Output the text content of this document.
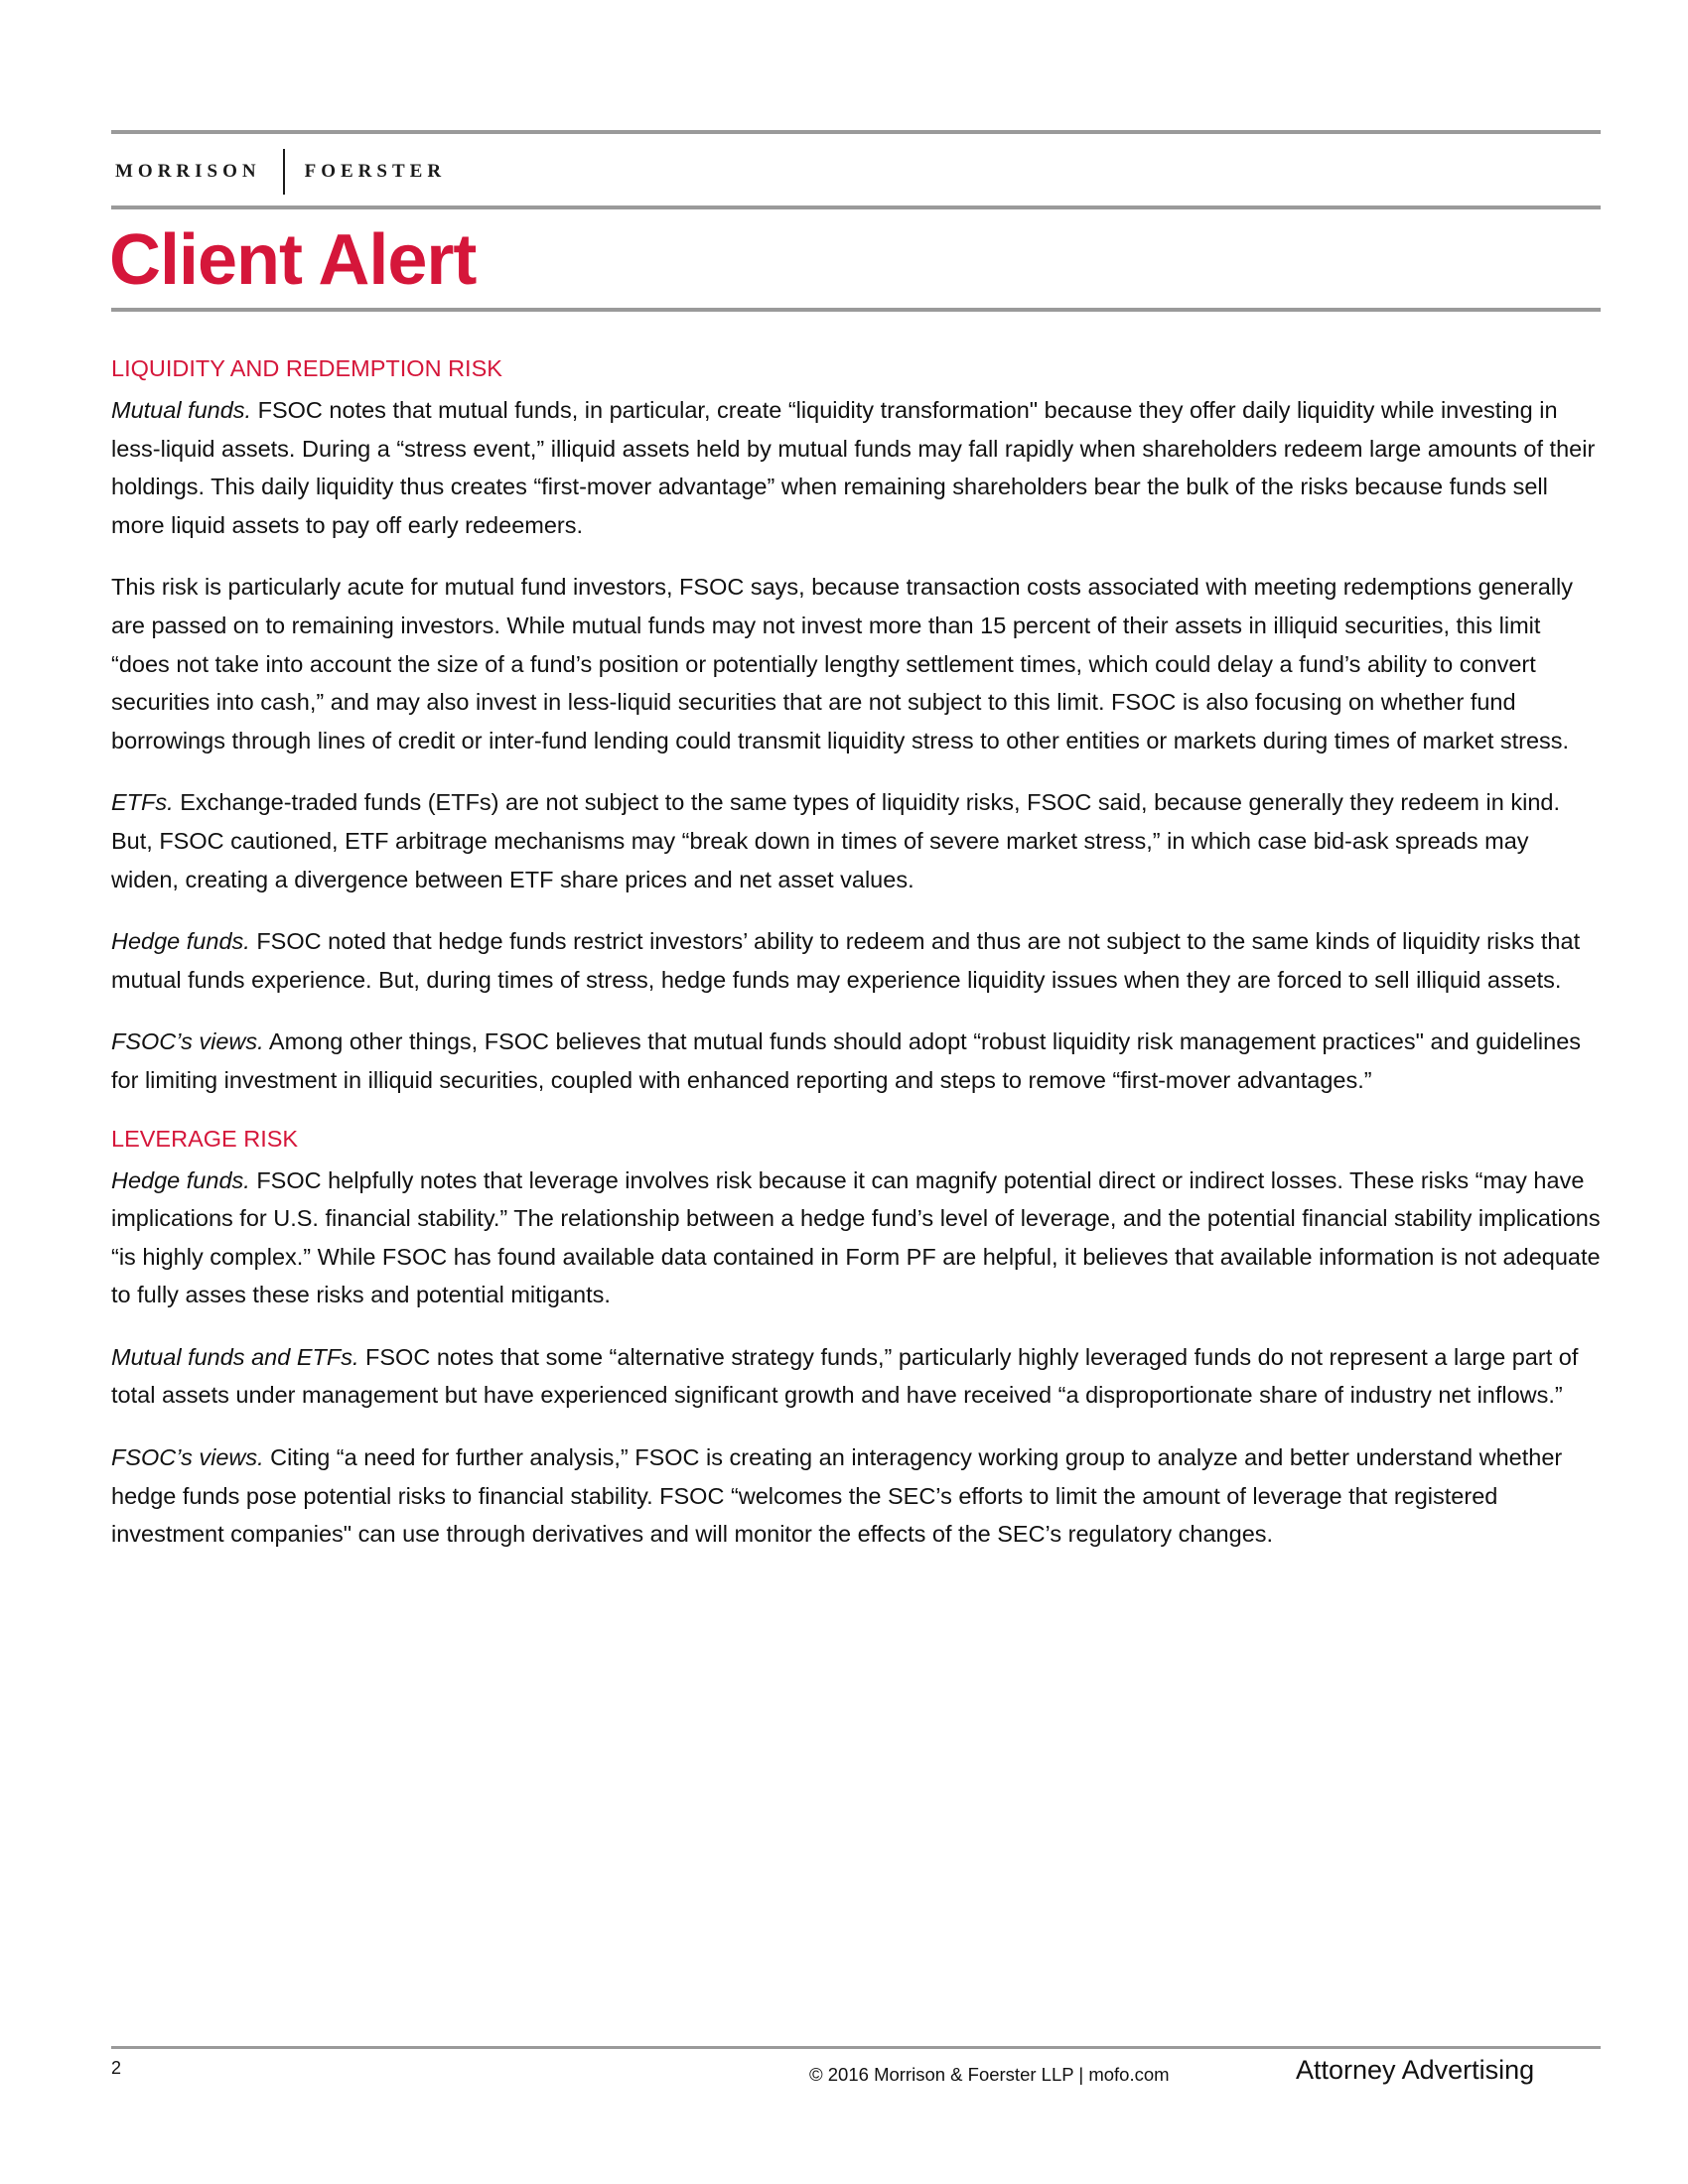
MORRISON FOERSTER
Client Alert
LIQUIDITY AND REDEMPTION RISK

Mutual funds. FSOC notes that mutual funds, in particular, create “liquidity transformation" because they offer daily liquidity while investing in less-liquid assets. During a “stress event,” illiquid assets held by mutual funds may fall rapidly when shareholders redeem large amounts of their holdings. This daily liquidity thus creates “first-mover advantage” when remaining shareholders bear the bulk of the risks because funds sell more liquid assets to pay off early redeemers.

This risk is particularly acute for mutual fund investors, FSOC says, because transaction costs associated with meeting redemptions generally are passed on to remaining investors. While mutual funds may not invest more than 15 percent of their assets in illiquid securities, this limit “does not take into account the size of a fund’s position or potentially lengthy settlement times, which could delay a fund’s ability to convert securities into cash,” and may also invest in less-liquid securities that are not subject to this limit. FSOC is also focusing on whether fund borrowings through lines of credit or inter-fund lending could transmit liquidity stress to other entities or markets during times of market stress.

ETFs. Exchange-traded funds (ETFs) are not subject to the same types of liquidity risks, FSOC said, because generally they redeem in kind. But, FSOC cautioned, ETF arbitrage mechanisms may “break down in times of severe market stress,” in which case bid-ask spreads may widen, creating a divergence between ETF share prices and net asset values.

Hedge funds. FSOC noted that hedge funds restrict investors’ ability to redeem and thus are not subject to the same kinds of liquidity risks that mutual funds experience. But, during times of stress, hedge funds may experience liquidity issues when they are forced to sell illiquid assets.

FSOC’s views. Among other things, FSOC believes that mutual funds should adopt “robust liquidity risk management practices" and guidelines for limiting investment in illiquid securities, coupled with enhanced reporting and steps to remove “first-mover advantages.”

LEVERAGE RISK

Hedge funds. FSOC helpfully notes that leverage involves risk because it can magnify potential direct or indirect losses. These risks “may have implications for U.S. financial stability.” The relationship between a hedge fund’s level of leverage, and the potential financial stability implications “is highly complex.” While FSOC has found available data contained in Form PF are helpful, it believes that available information is not adequate to fully asses these risks and potential mitigants.

Mutual funds and ETFs. FSOC notes that some “alternative strategy funds,” particularly highly leveraged funds do not represent a large part of total assets under management but have experienced significant growth and have received “a disproportionate share of industry net inflows.”

FSOC’s views. Citing “a need for further analysis,” FSOC is creating an interagency working group to analyze and better understand whether hedge funds pose potential risks to financial stability. FSOC “welcomes the SEC’s efforts to limit the amount of leverage that registered investment companies" can use through derivatives and will monitor the effects of the SEC’s regulatory changes.

2	© 2016 Morrison & Foerster LLP | mofo.com	Attorney Advertising
